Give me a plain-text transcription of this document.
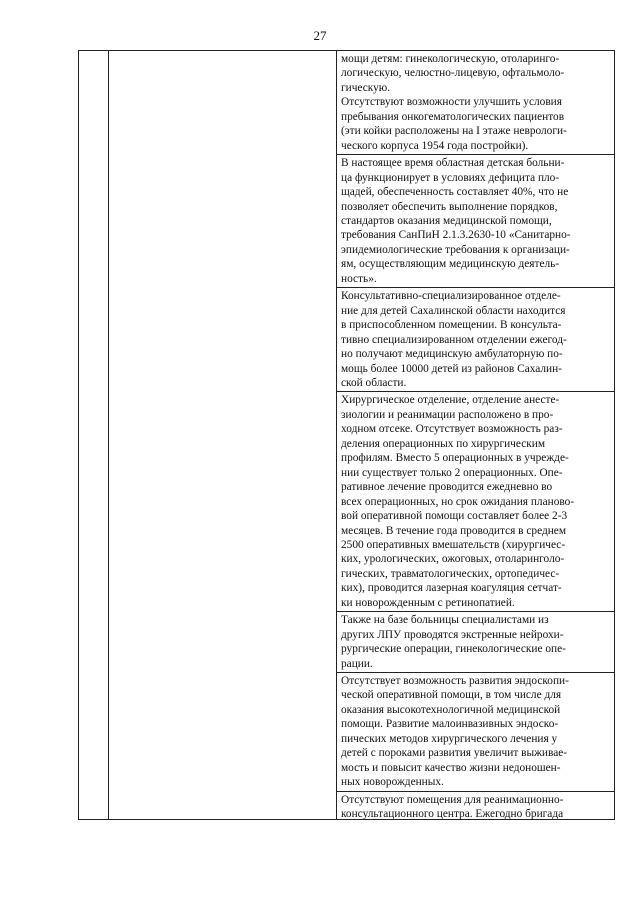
27

мощи детям: гинекологическую, отоларинго-
логическую, челюстно-лицевую, офтальмоло-
гическую.
Отсутствуют возможности улучшить условия
пребывания онкогематологических пациентов
(эти койки расположены на I этаже неврологи-
ческого корпуса 1954 года постройки).

В настоящее время областная детская больни-
ца функционирует в условиях дефицита пло-
щадей, обеспеченность составляет 40%, что не
позволяет обеспечить выполнение порядков,
стандартов оказания медицинской помощи,
требования СанПиН 2.1.3.2630-10 «Санитарно-
эпидемиологические требования к организаци-
ям, осуществляющим медицинскую деятель-
ность».

Консультативно-специализированное отделе-
ние для детей Сахалинской области находится
в приспособленном помещении. В консульта-
тивно специализированном отделении ежегод-
но получают медицинскую амбулаторную по-
мощь более 10000 детей из районов Сахалин-
ской области.

Хирургическое отделение, отделение анесте-
зиологии и реанимации расположено в про-
ходном отсеке. Отсутствует возможность раз-
деления операционных по хирургическим
профилям. Вместо 5 операционных в учрежде-
нии существует только 2 операционных. Опе-
ративное лечение проводится ежедневно во
всех операционных, но срок ожидания планово-
вой оперативной помощи составляет более 2-3
месяцев. В течение года проводится в среднем
2500 оперативных вмешательств (хирургичес-
ких, урологических, ожоговых, отоларинголо-
гических, травматологических, ортопедичес-
ких), проводится лазерная коагуляция сетчат-
ки новорожденным с ретинопатией.

Также на базе больницы специалистами из
других ЛПУ проводятся экстренные нейрохи-
рургические операции, гинекологические опе-
рации.

Отсутствует возможность развития эндоскопи-
ческой оперативной помощи, в том числе для
оказания высокотехнологичной медицинской
помощи. Развитие малоинвазивных эндоско-
пических методов хирургического лечения у
детей с пороками развития увеличит выживае-
мость и повысит качество жизни недоношен-
ных новорожденных.

Отсутствуют помещения для реанимационно-
консультационного центра. Ежегодно бригада
